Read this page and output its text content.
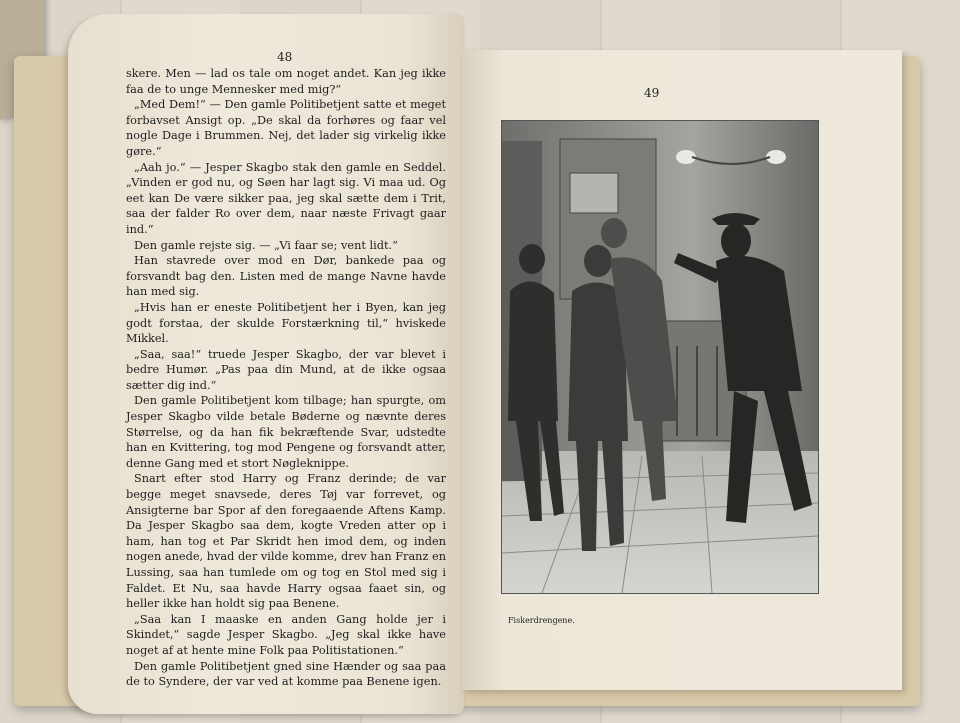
48
49

skere. Men — lad os tale om noget andet. Kan jeg ikke faa de to unge Mennesker med mig?“

„Med Dem!“ — Den gamle Politibetjent satte et meget forbavset Ansigt op. „De skal da forhøres og faar vel nogle Dage i Brummen. Nej, det lader sig virkelig ikke gøre.“

„Aah jo.“ — Jesper Skagbo stak den gamle en Seddel. „Vinden er god nu, og Søen har lagt sig. Vi maa ud. Og eet kan De være sikker paa, jeg skal sætte dem i Trit, saa der falder Ro over dem, naar næste Frivagt gaar ind.“

Den gamle rejste sig. — „Vi faar se; vent lidt.“

Han stavrede over mod en Dør, bankede paa og forsvandt bag den. Listen med de mange Navne havde han med sig.

„Hvis han er eneste Politibetjent her i Byen, kan jeg godt forstaa, der skulde Forstærkning til,“ hviskede Mikkel.

„Saa, saa!“ truede Jesper Skagbo, der var blevet i bedre Humør. „Pas paa din Mund, at de ikke ogsaa sætter dig ind.“

Den gamle Politibetjent kom tilbage; han spurgte, om Jesper Skagbo vilde betale Bøderne og nævnte deres Størrelse, og da han fik bekræftende Svar, udstedte han en Kvittering, tog mod Pengene og forsvandt atter, denne Gang med et stort Nøgleknippe.

Snart efter stod Harry og Franz derinde; de var begge meget snavsede, deres Tøj var forrevet, og Ansigterne bar Spor af den foregaaende Aftens Kamp. Da Jesper Skagbo saa dem, kogte Vreden atter op i ham, han tog et Par Skridt hen imod dem, og inden nogen anede, hvad der vilde komme, drev han Franz en Lussing, saa han tumlede om og tog en Stol med sig i Faldet. Et Nu, saa havde Harry ogsaa faaet sin, og heller ikke han holdt sig paa Benene.

„Saa kan I maaske en anden Gang holde jer i Skindet,“ sagde Jesper Skagbo. „Jeg skal ikke have noget af at hente mine Folk paa Politistationen.“

Den gamle Politibetjent gned sine Hænder og saa paa de to Syndere, der var ved at komme paa Benene igen.

Fiskerdrengene.
